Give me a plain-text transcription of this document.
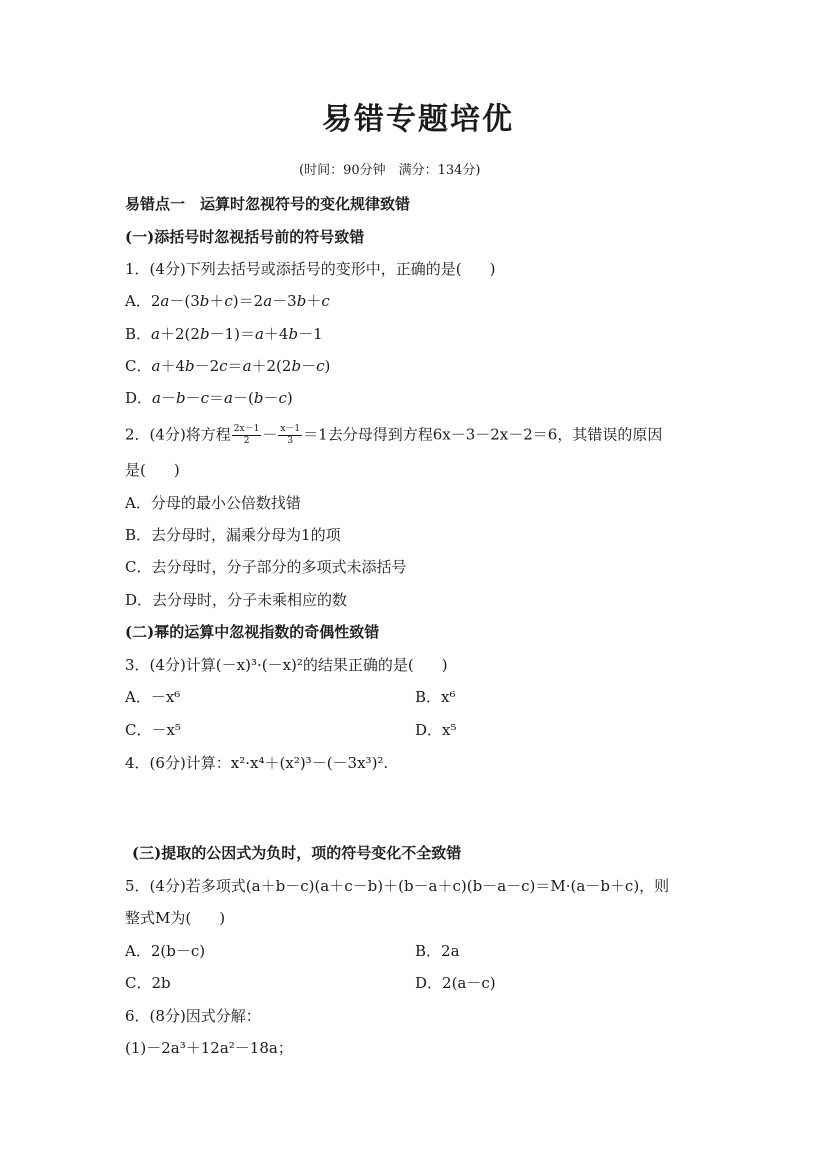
易错专题培优
(时间：90分钟　满分：134分)
易错点一　运算时忽视符号的变化规律致错
(一)添括号时忽视括号前的符号致错
1．(4分)下列去括号或添括号的变形中，正确的是( )
A．2a－(3b＋c)＝2a－3b＋c
B．a＋2(2b－1)＝a＋4b－1
C．a＋4b－2c＝a＋2(2b－c)
D．a－b－c＝a－(b－c)
2．(4分)将方程 $\frac{2x-1}{2} - \frac{x-1}{3} =1$去分母得到方程6x－3－2x－2＝6，其错误的原因
是( )
A．分母的最小公倍数找错
B．去分母时，漏乘分母为1的项
C．去分母时，分子部分的多项式未添括号
D．去分母时，分子未乘相应的数
(二)幂的运算中忽视指数的奇偶性致错
3．(4分)计算(－x)³·(－x)²的结果正确的是( )
A．－x⁶	B．x⁶
C．－x⁵	D．x⁵
4．(6分)计算：x²·x⁴＋(x²)³－(－3x³)².
(三)提取的公因式为负时，项的符号变化不全致错
5．(4分)若多项式(a＋b－c)(a＋c－b)＋(b－a＋c)(b－a－c)＝M·(a－b＋c)，则
整式M为( )
A．2(b－c)	B．2a
C．2b	D．2(a－c)
6．(8分)因式分解：
(1)－2a³＋12a²－18a；
